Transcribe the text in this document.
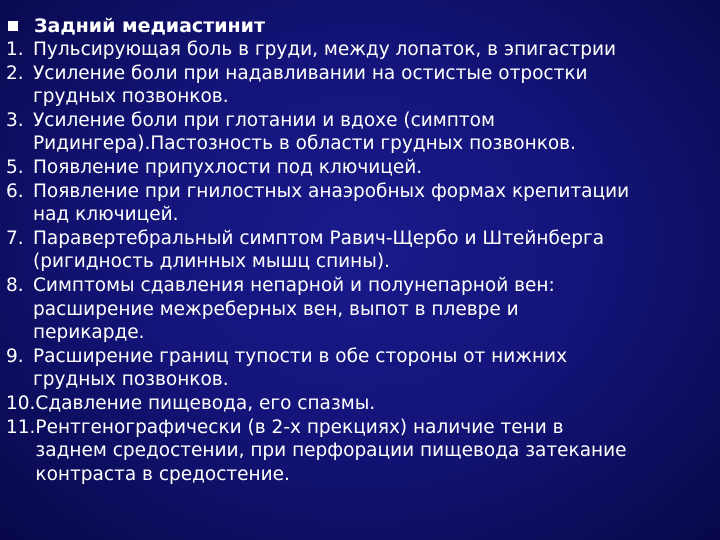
Задний медиастинит
1. Пульсирующая боль в груди, между лопаток, в эпигастрии
2. Усиление боли при надавливании на остистые отростки
грудных позвонков.
3. Усиление боли при глотании и вдохе (симптом
Ридингера).Пастозность в области грудных позвонков.
5. Появление припухлости под ключицей.
6. Появление при гнилостных анаэробных формах крепитации
над ключицей.
7. Паравертебральный симптом Равич-Щербо и Штейнберга
(ригидность длинных мышц спины).
8. Симптомы сдавления непарной и полунепарной вен:
расширение межреберных вен, выпот в плевре и
перикарде.
9. Расширение границ тупости в обе стороны от нижних
грудных позвонков.
10. Сдавление пищевода, его спазмы.
11. Рентгенографически (в 2-х прекциях) наличие тени в
заднем средостении, при перфорации пищевода затекание
контраста в средостение.
